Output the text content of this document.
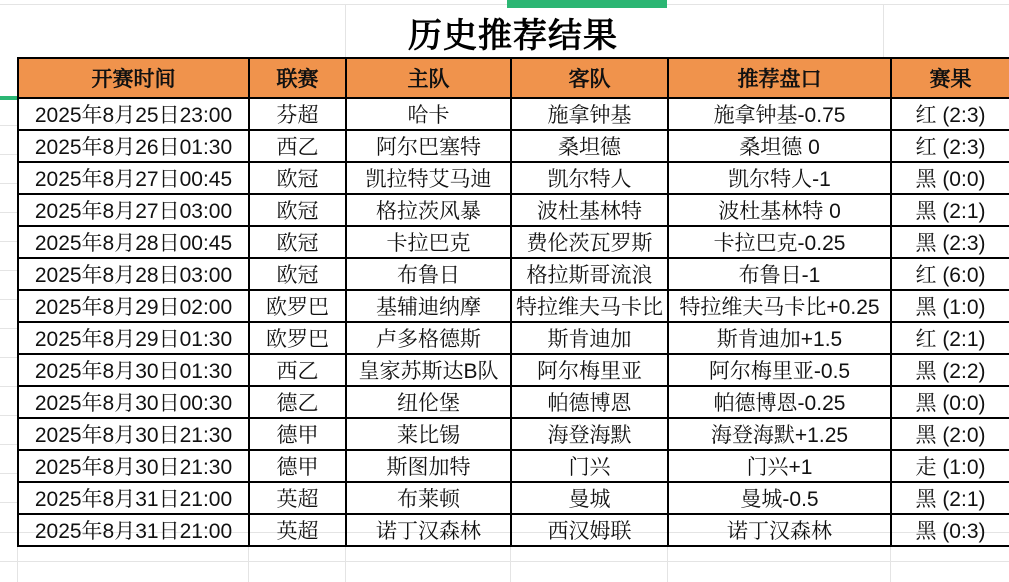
历史推荐结果
开赛时间	联赛	主队	客队	推荐盘口	赛果
2025年8月25日23:00	芬超	哈卡	施拿钟基	施拿钟基-0.75	红 (2:3)
2025年8月26日01:30	西乙	阿尔巴塞特	桑坦德	桑坦德 0	红 (2:3)
2025年8月27日00:45	欧冠	凯拉特艾马迪	凯尔特人	凯尔特人-1	黑 (0:0)
2025年8月27日03:00	欧冠	格拉茨风暴	波杜基林特	波杜基林特 0	黑 (2:1)
2025年8月28日00:45	欧冠	卡拉巴克	费伦茨瓦罗斯	卡拉巴克-0.25	黑 (2:3)
2025年8月28日03:00	欧冠	布鲁日	格拉斯哥流浪	布鲁日-1	红 (6:0)
2025年8月29日02:00	欧罗巴	基辅迪纳摩	特拉维夫马卡比	特拉维夫马卡比+0.25	黑 (1:0)
2025年8月29日01:30	欧罗巴	卢多格德斯	斯肯迪加	斯肯迪加+1.5	红 (2:1)
2025年8月30日01:30	西乙	皇家苏斯达B队	阿尔梅里亚	阿尔梅里亚-0.5	黑 (2:2)
2025年8月30日00:30	德乙	纽伦堡	帕德博恩	帕德博恩-0.25	黑 (0:0)
2025年8月30日21:30	德甲	莱比锡	海登海默	海登海默+1.25	黑 (2:0)
2025年8月30日21:30	德甲	斯图加特	门兴	门兴+1	走 (1:0)
2025年8月31日21:00	英超	布莱顿	曼城	曼城-0.5	黑 (2:1)
2025年8月31日21:00	英超	诺丁汉森林	西汉姆联	诺丁汉森林	黑 (0:3)
